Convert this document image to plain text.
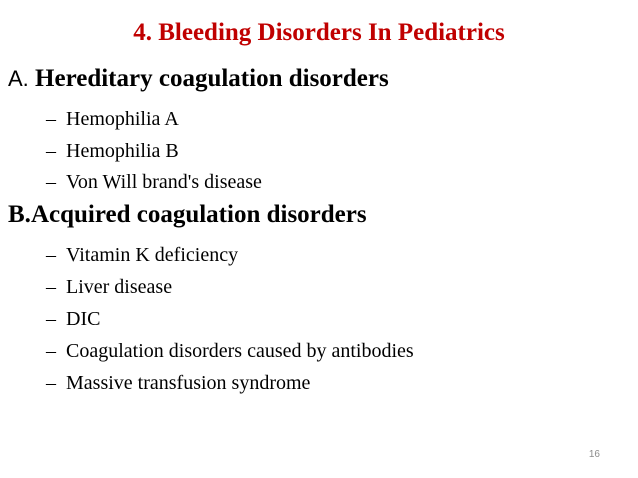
4. Bleeding Disorders In Pediatrics
A. Hereditary coagulation disorders
– Hemophilia A
– Hemophilia B
– Von Will brand's disease
B.Acquired coagulation disorders
– Vitamin K deficiency
– Liver disease
– DIC
– Coagulation disorders caused by antibodies
– Massive transfusion syndrome
16
